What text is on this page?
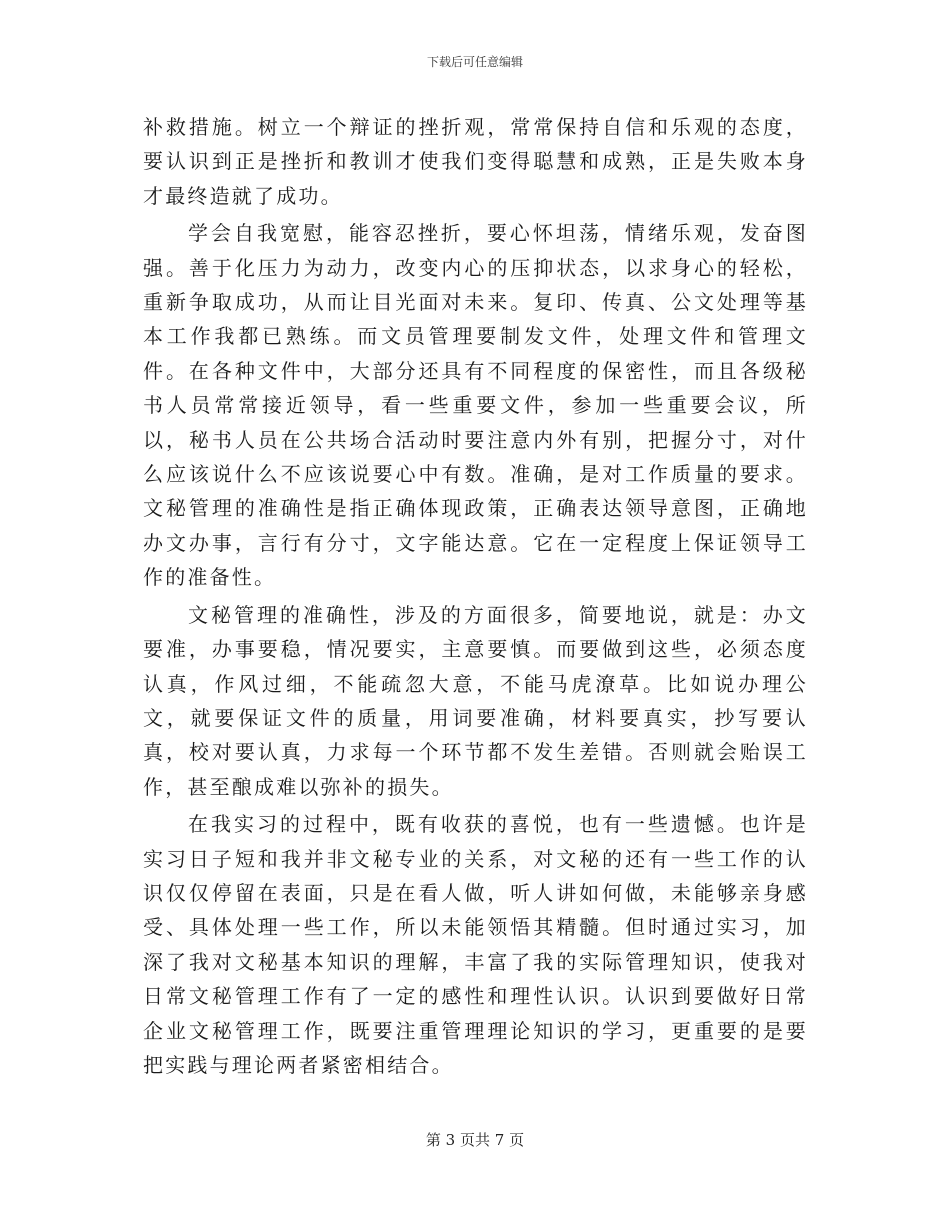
下载后可任意编辑

补救措施。树立一个辩证的挫折观，常常保持自信和乐观的态度，要认识到正是挫折和教训才使我们变得聪慧和成熟，正是失败本身才最终造就了成功。

学会自我宽慰，能容忍挫折，要心怀坦荡，情绪乐观，发奋图强。善于化压力为动力，改变内心的压抑状态，以求身心的轻松，重新争取成功，从而让目光面对未来。复印、传真、公文处理等基本工作我都已熟练。而文员管理要制发文件，处理文件和管理文件。在各种文件中，大部分还具有不同程度的保密性，而且各级秘书人员常常接近领导，看一些重要文件，参加一些重要会议，所以，秘书人员在公共场合活动时要注意内外有别，把握分寸，对什么应该说什么不应该说要心中有数。准确，是对工作质量的要求。文秘管理的准确性是指正确体现政策，正确表达领导意图，正确地办文办事，言行有分寸，文字能达意。它在一定程度上保证领导工作的准备性。

文秘管理的准确性，涉及的方面很多，简要地说，就是：办文要准，办事要稳，情况要实，主意要慎。而要做到这些，必须态度认真，作风过细，不能疏忽大意，不能马虎潦草。比如说办理公文，就要保证文件的质量，用词要准确，材料要真实，抄写要认真，校对要认真，力求每一个环节都不发生差错。否则就会贻误工作，甚至酿成难以弥补的损失。

在我实习的过程中，既有收获的喜悦，也有一些遗憾。也许是实习日子短和我并非文秘专业的关系，对文秘的还有一些工作的认识仅仅停留在表面，只是在看人做，听人讲如何做，未能够亲身感受、具体处理一些工作，所以未能领悟其精髓。但时通过实习，加深了我对文秘基本知识的理解，丰富了我的实际管理知识，使我对日常文秘管理工作有了一定的感性和理性认识。认识到要做好日常企业文秘管理工作，既要注重管理理论知识的学习，更重要的是要把实践与理论两者紧密相结合。

第 3 页共 7 页
